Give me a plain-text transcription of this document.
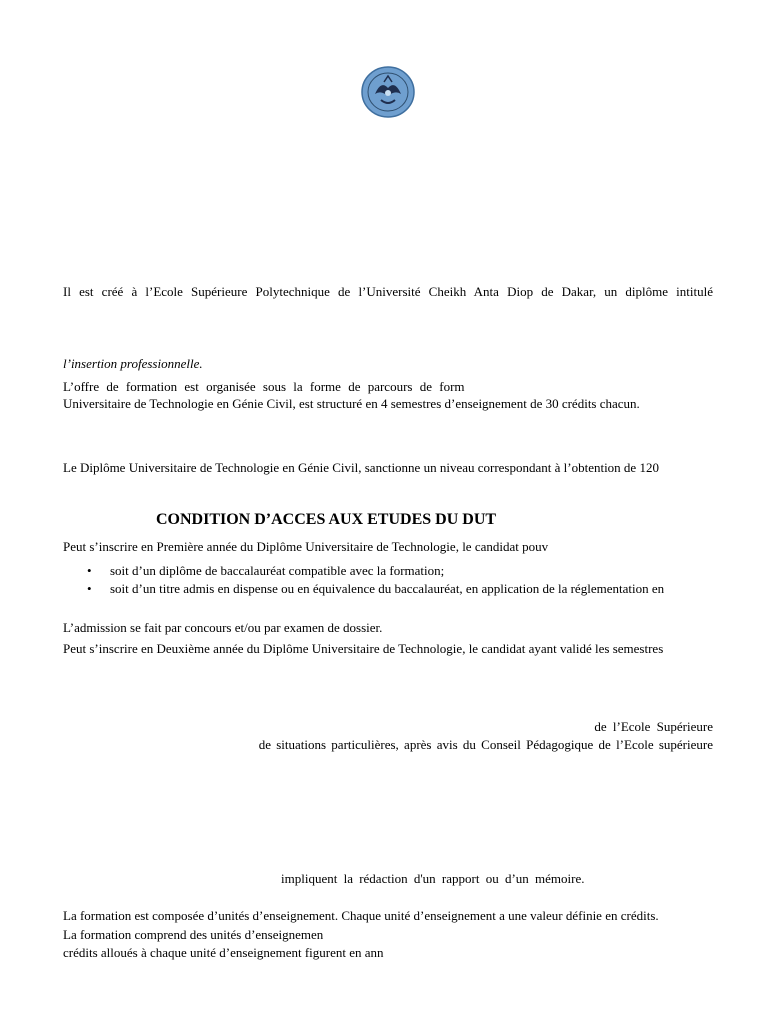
Il est créé à l’Ecole Supérieure Polytechnique de l’Université Cheikh Anta Diop de Dakar, un diplôme intitulé

l’insertion professionnelle.

L’offre de formation est organisée sous la forme de parcours de form

Universitaire de Technologie en Génie Civil, est structuré en 4 semestres d’enseignement de 30 crédits chacun.

Le Diplôme Universitaire de Technologie en Génie Civil, sanctionne un niveau correspondant à l’obtention de 120

CONDITION D’ACCES AUX ETUDES DU DUT

Peut s’inscrire en Première année du Diplôme Universitaire de Technologie, le candidat pouv

• soit d’un diplôme de baccalauréat compatible avec la formation;

• soit d’un titre admis en dispense ou en équivalence du baccalauréat, en application de la réglementation en

L’admission se fait par concours et/ou par examen de dossier.

Peut s’inscrire en Deuxième année du Diplôme Universitaire de Technologie, le candidat ayant validé les semestres

de l’Ecole Supérieure

de situations particulières, après avis du Conseil Pédagogique de l’Ecole supérieure

impliquent la rédaction d'un rapport ou d’un mémoire.

La formation est composée d’unités d’enseignement. Chaque unité d’enseignement a une valeur définie en crédits.

La formation comprend des unités d’enseignemen

crédits alloués à chaque unité d’enseignement figurent en ann
